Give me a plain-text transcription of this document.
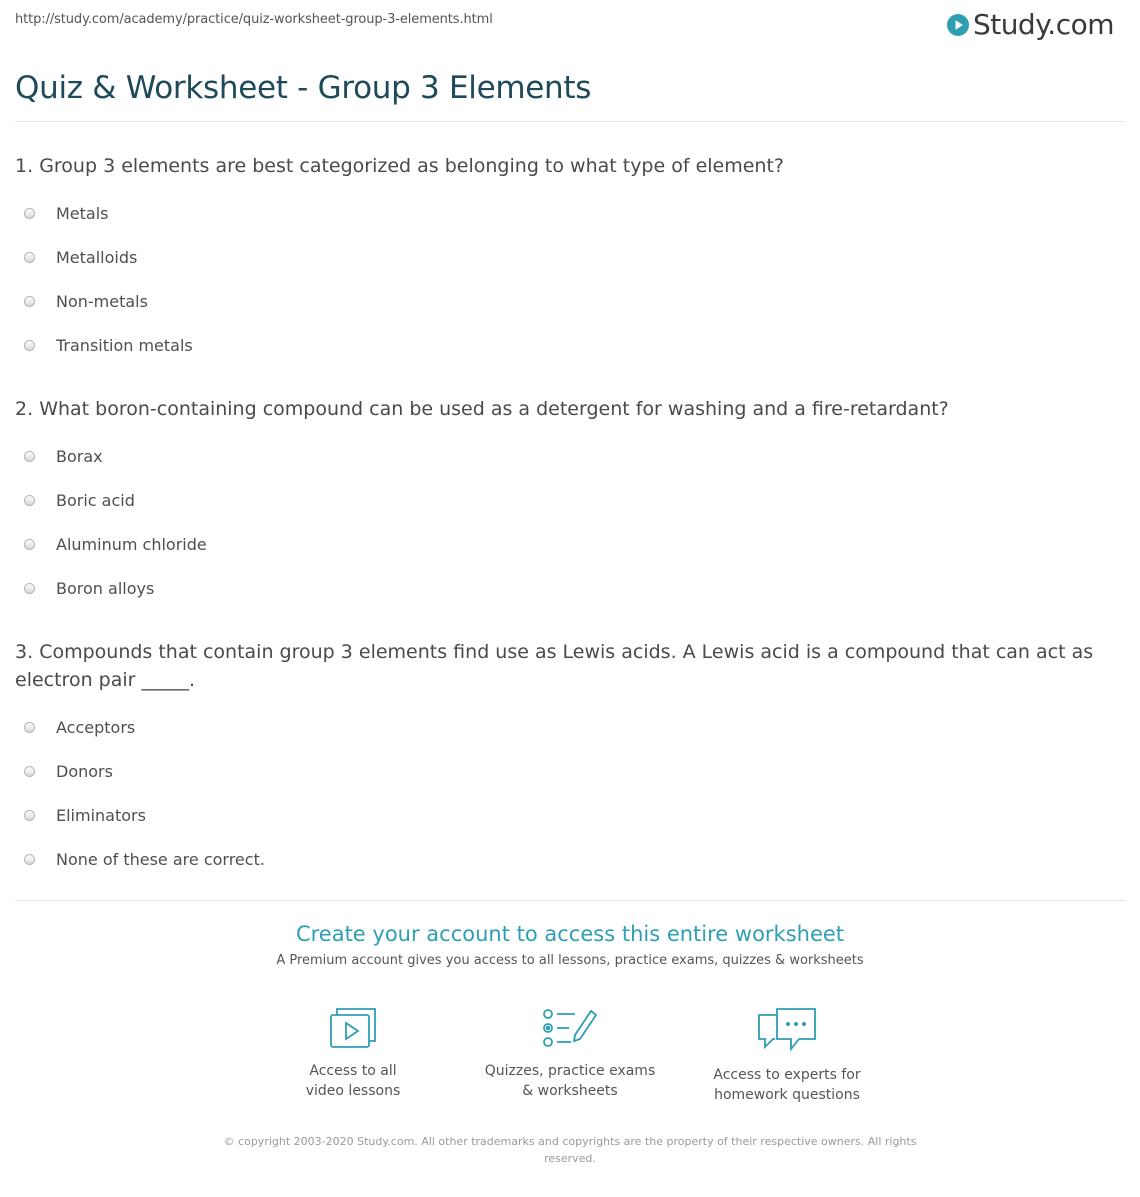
http://study.com/academy/practice/quiz-worksheet-group-3-elements.html	Study.com
Quiz & Worksheet - Group 3 Elements
1. Group 3 elements are best categorized as belonging to what type of element?
Metals
Metalloids
Non-metals
Transition metals
2. What boron-containing compound can be used as a detergent for washing and a fire-retardant?
Borax
Boric acid
Aluminum chloride
Boron alloys
3. Compounds that contain group 3 elements find use as Lewis acids. A Lewis acid is a compound that can act as electron pair _____.
Acceptors
Donors
Eliminators
None of these are correct.
Create your account to access this entire worksheet
A Premium account gives you access to all lessons, practice exams, quizzes & worksheets
Access to all
video lessons
Quizzes, practice exams
& worksheets
Access to experts for
homework questions
© copyright 2003-2020 Study.com. All other trademarks and copyrights are the property of their respective owners. All rights reserved.
